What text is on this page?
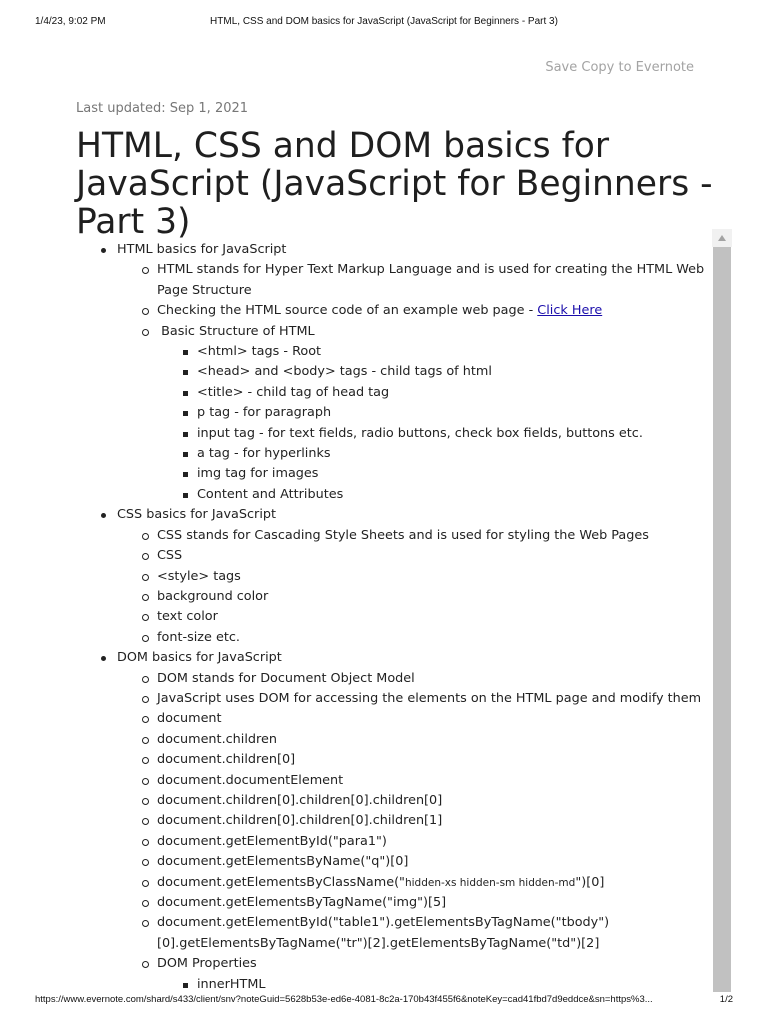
1/4/23, 9:02 PM	HTML, CSS and DOM basics for JavaScript (JavaScript for Beginners - Part 3)
Save Copy to Evernote
Last updated: Sep 1, 2021
HTML, CSS and DOM basics for JavaScript (JavaScript for Beginners - Part 3)
HTML basics for JavaScript
HTML stands for Hyper Text Markup Language and is used for creating the HTML Web Page Structure
Checking the HTML source code of an example web page - Click Here
Basic Structure of HTML
<html> tags - Root
<head> and <body> tags - child tags of html
<title> - child tag of head tag
p tag - for paragraph
input tag - for text fields, radio buttons, check box fields, buttons etc.
a tag - for hyperlinks
img tag for images
Content and Attributes
CSS basics for JavaScript
CSS stands for Cascading Style Sheets and is used for styling the Web Pages
CSS
<style> tags
background color
text color
font-size etc.
DOM basics for JavaScript
DOM stands for Document Object Model
JavaScript uses DOM for accessing the elements on the HTML page and modify them
document
document.children
document.children[0]
document.documentElement
document.children[0].children[0].children[0]
document.children[0].children[0].children[1]
document.getElementById("para1")
document.getElementsByName("q")[0]
document.getElementsByClassName("hidden-xs hidden-sm hidden-md")[0]
document.getElementsByTagName("img")[5]
document.getElementById("table1").getElementsByTagName("tbody")[0].getElementsByTagName("tr")[2].getElementsByTagName("td")[2]
DOM Properties
innerHTML
https://www.evernote.com/shard/s433/client/snv?noteGuid=5628b53e-ed6e-4081-8c2a-170b43f455f6&noteKey=cad41fbd7d9eddce&sn=https%3...	1/2
